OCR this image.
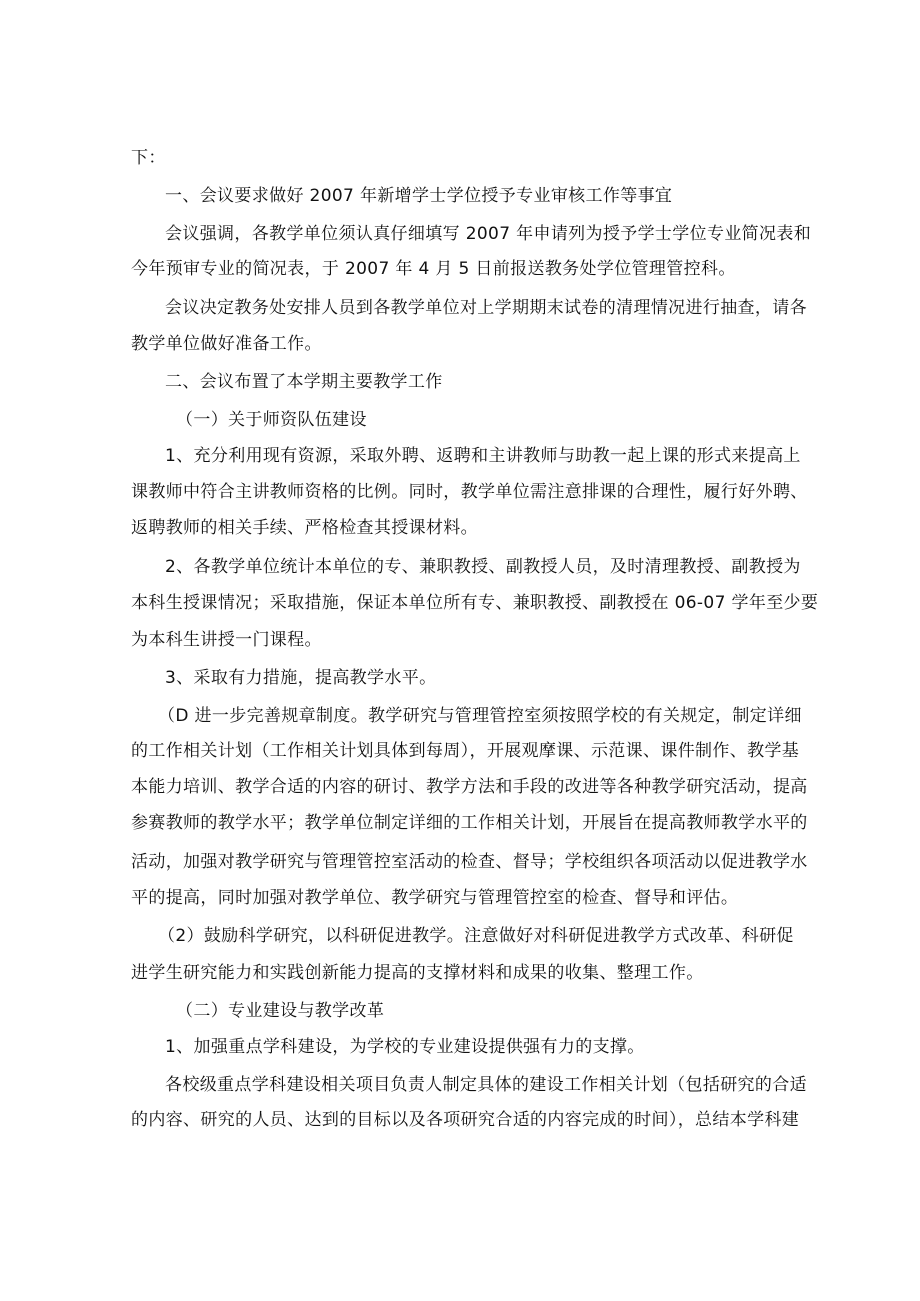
下：
一、会议要求做好 2007 年新增学士学位授予专业审核工作等事宜
会议强调，各教学单位须认真仔细填写 2007 年申请列为授予学士学位专业简况表和
今年预审专业的简况表，于 2007 年 4 月 5 日前报送教务处学位管理管控科。
会议决定教务处安排人员到各教学单位对上学期期末试卷的清理情况进行抽查，请各
教学单位做好准备工作。
二、会议布置了本学期主要教学工作
（一）关于师资队伍建设
1、充分利用现有资源，采取外聘、返聘和主讲教师与助教一起上课的形式来提高上
课教师中符合主讲教师资格的比例。同时，教学单位需注意排课的合理性，履行好外聘、
返聘教师的相关手续、严格检查其授课材料。
2、各教学单位统计本单位的专、兼职教授、副教授人员，及时清理教授、副教授为
本科生授课情况；采取措施，保证本单位所有专、兼职教授、副教授在 06-07 学年至少要
为本科生讲授一门课程。
3、采取有力措施，提高教学水平。
（D 进一步完善规章制度。教学研究与管理管控室须按照学校的有关规定，制定详细
的工作相关计划（工作相关计划具体到每周），开展观摩课、示范课、课件制作、教学基
本能力培训、教学合适的内容的研讨、教学方法和手段的改进等各种教学研究活动，提高
参赛教师的教学水平；教学单位制定详细的工作相关计划，开展旨在提高教师教学水平的
活动，加强对教学研究与管理管控室活动的检查、督导；学校组织各项活动以促进教学水
平的提高，同时加强对教学单位、教学研究与管理管控室的检查、督导和评估。
（2）鼓励科学研究，以科研促进教学。注意做好对科研促进教学方式改革、科研促
进学生研究能力和实践创新能力提高的支撑材料和成果的收集、整理工作。
（二）专业建设与教学改革
1、加强重点学科建设，为学校的专业建设提供强有力的支撑。
各校级重点学科建设相关项目负责人制定具体的建设工作相关计划（包括研究的合适
的内容、研究的人员、达到的目标以及各项研究合适的内容完成的时间），总结本学科建
